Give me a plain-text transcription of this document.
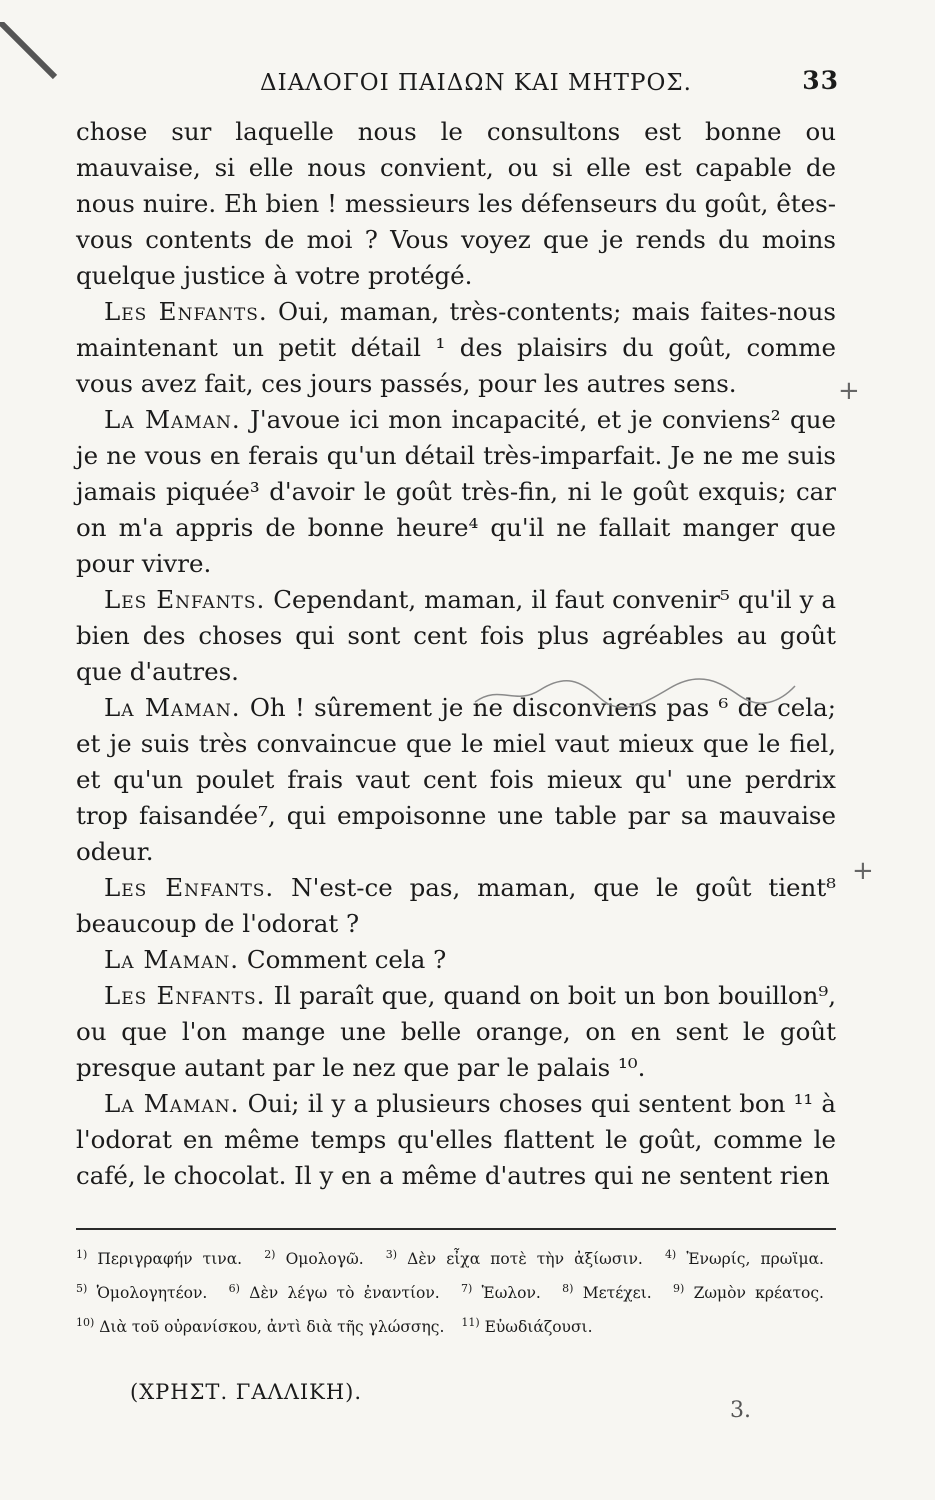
ΔΙΑΛΟΓΟΙ ΠΑΙΔΩΝ ΚΑΙ ΜΗΤΡΟΣ.	33

chose sur laquelle nous le consultons est bonne ou mauvaise, si elle nous convient, ou si elle est capable de nous nuire. Eh bien ! messieurs les défenseurs du goût, êtes-vous contents de moi ? Vous voyez que je rends du moins quelque justice à votre protégé.

Les Enfants. Oui, maman, très-contents; mais faites-nous maintenant un petit détail ¹ des plaisirs du goût, comme vous avez fait, ces jours passés, pour les autres sens.

La Maman. J'avoue ici mon incapacité, et je conviens² que je ne vous en ferais qu'un détail très-imparfait. Je ne me suis jamais piquée³ d'avoir le goût très-fin, ni le goût exquis; car on m'a appris de bonne heure⁴ qu'il ne fallait manger que pour vivre.

Les Enfants. Cependant, maman, il faut convenir⁵ qu'il y a bien des choses qui sont cent fois plus agréables au goût que d'autres.

La Maman. Oh ! sûrement je ne disconviens pas ⁶ de cela; et je suis très convaincue que le miel vaut mieux que le fiel, et qu'un poulet frais vaut cent fois mieux qu' une perdrix trop faisandée⁷, qui empoisonne une table par sa mauvaise odeur.

Les Enfants. N'est-ce pas, maman, que le goût tient⁸ beaucoup de l'odorat ?

La Maman. Comment cela ?

Les Enfants. Il paraît que, quand on boit un bon bouillon⁹, ou que l'on mange une belle orange, on en sent le goût presque autant par le nez que par le palais ¹⁰.

La Maman. Oui; il y a plusieurs choses qui sentent bon ¹¹ à l'odorat en même temps qu'elles flattent le goût, comme le café, le chocolat. Il y en a même d'autres qui ne sentent rien

+
+
$^{1)}$ Περιγραφήν τινα. $^{2)}$ Ομολογῶ. $^{3)}$ Δὲν εἶχα ποτὲ τὴν ἀξίωσιν. $^{4)}$ Ἐνωρίς, πρωϊμα. $^{5)}$ Ὁμολογητέον. $^{6)}$ Δὲν λέγω τὸ ἐναντίον. $^{7)}$ Ἑωλον. $^{8)}$ Μετέχει. $^{9)}$ Ζωμὸν κρέατος. $^{10)}$ Διὰ τοῦ οὐρανίσκου, ἀντὶ διὰ τῆς γλώσσης. $^{11)}$ Εὐωδιάζουσι.
(ΧΡΗΣΤ. ΓΑΛΛΙΚΗ).
3.
